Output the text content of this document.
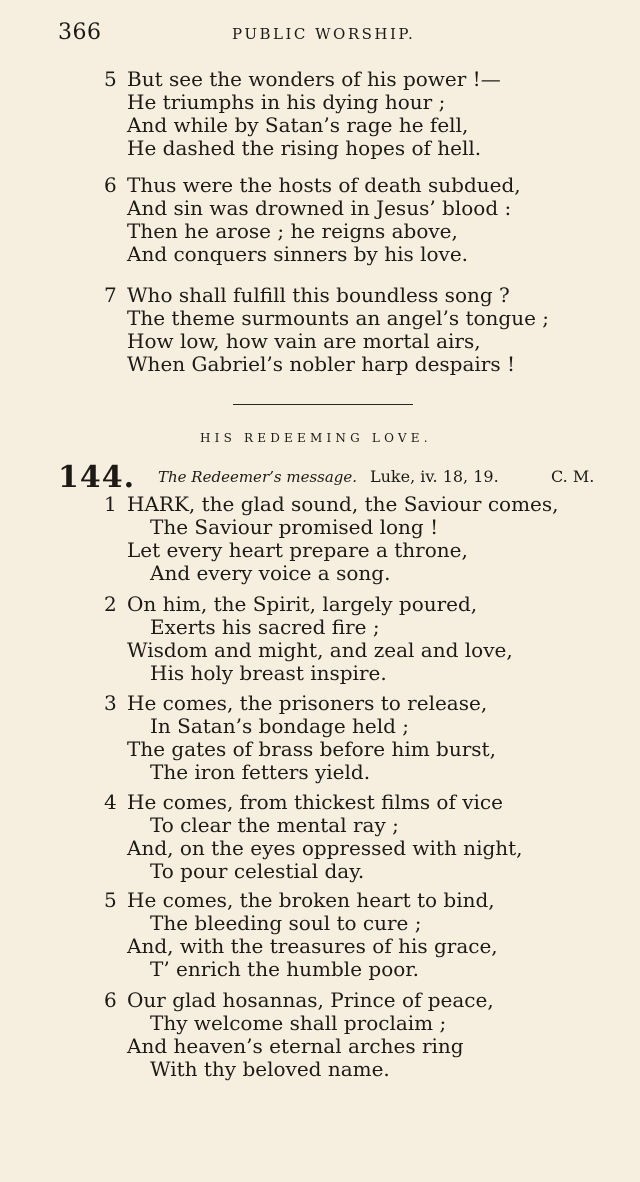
366	PUBLIC WORSHIP.
5 But see the wonders of his power !—
He triumphs in his dying hour ;
And while by Satan’s rage he fell,
He dashed the rising hopes of hell.
6 Thus were the hosts of death subdued,
And sin was drowned in Jesus’ blood :
Then he arose ; he reigns above,
And conquers sinners by his love.
7 Who shall fulfill this boundless song ?
The theme surmounts an angel’s tongue ;
How low, how vain are mortal airs,
When Gabriel’s nobler harp despairs !
HIS REDEEMING LOVE.
144. The Redeemer’s message. Luke, iv. 18, 19.	C. M.
1 HARK, the glad sound, the Saviour comes,
The Saviour promised long !
Let every heart prepare a throne,
And every voice a song.
2 On him, the Spirit, largely poured,
Exerts his sacred fire ;
Wisdom and might, and zeal and love,
His holy breast inspire.
3 He comes, the prisoners to release,
In Satan’s bondage held ;
The gates of brass before him burst,
The iron fetters yield.
4 He comes, from thickest films of vice
To clear the mental ray ;
And, on the eyes oppressed with night,
To pour celestial day.
5 He comes, the broken heart to bind,
The bleeding soul to cure ;
And, with the treasures of his grace,
T’ enrich the humble poor.
6 Our glad hosannas, Prince of peace,
Thy welcome shall proclaim ;
And heaven’s eternal arches ring
With thy beloved name.
